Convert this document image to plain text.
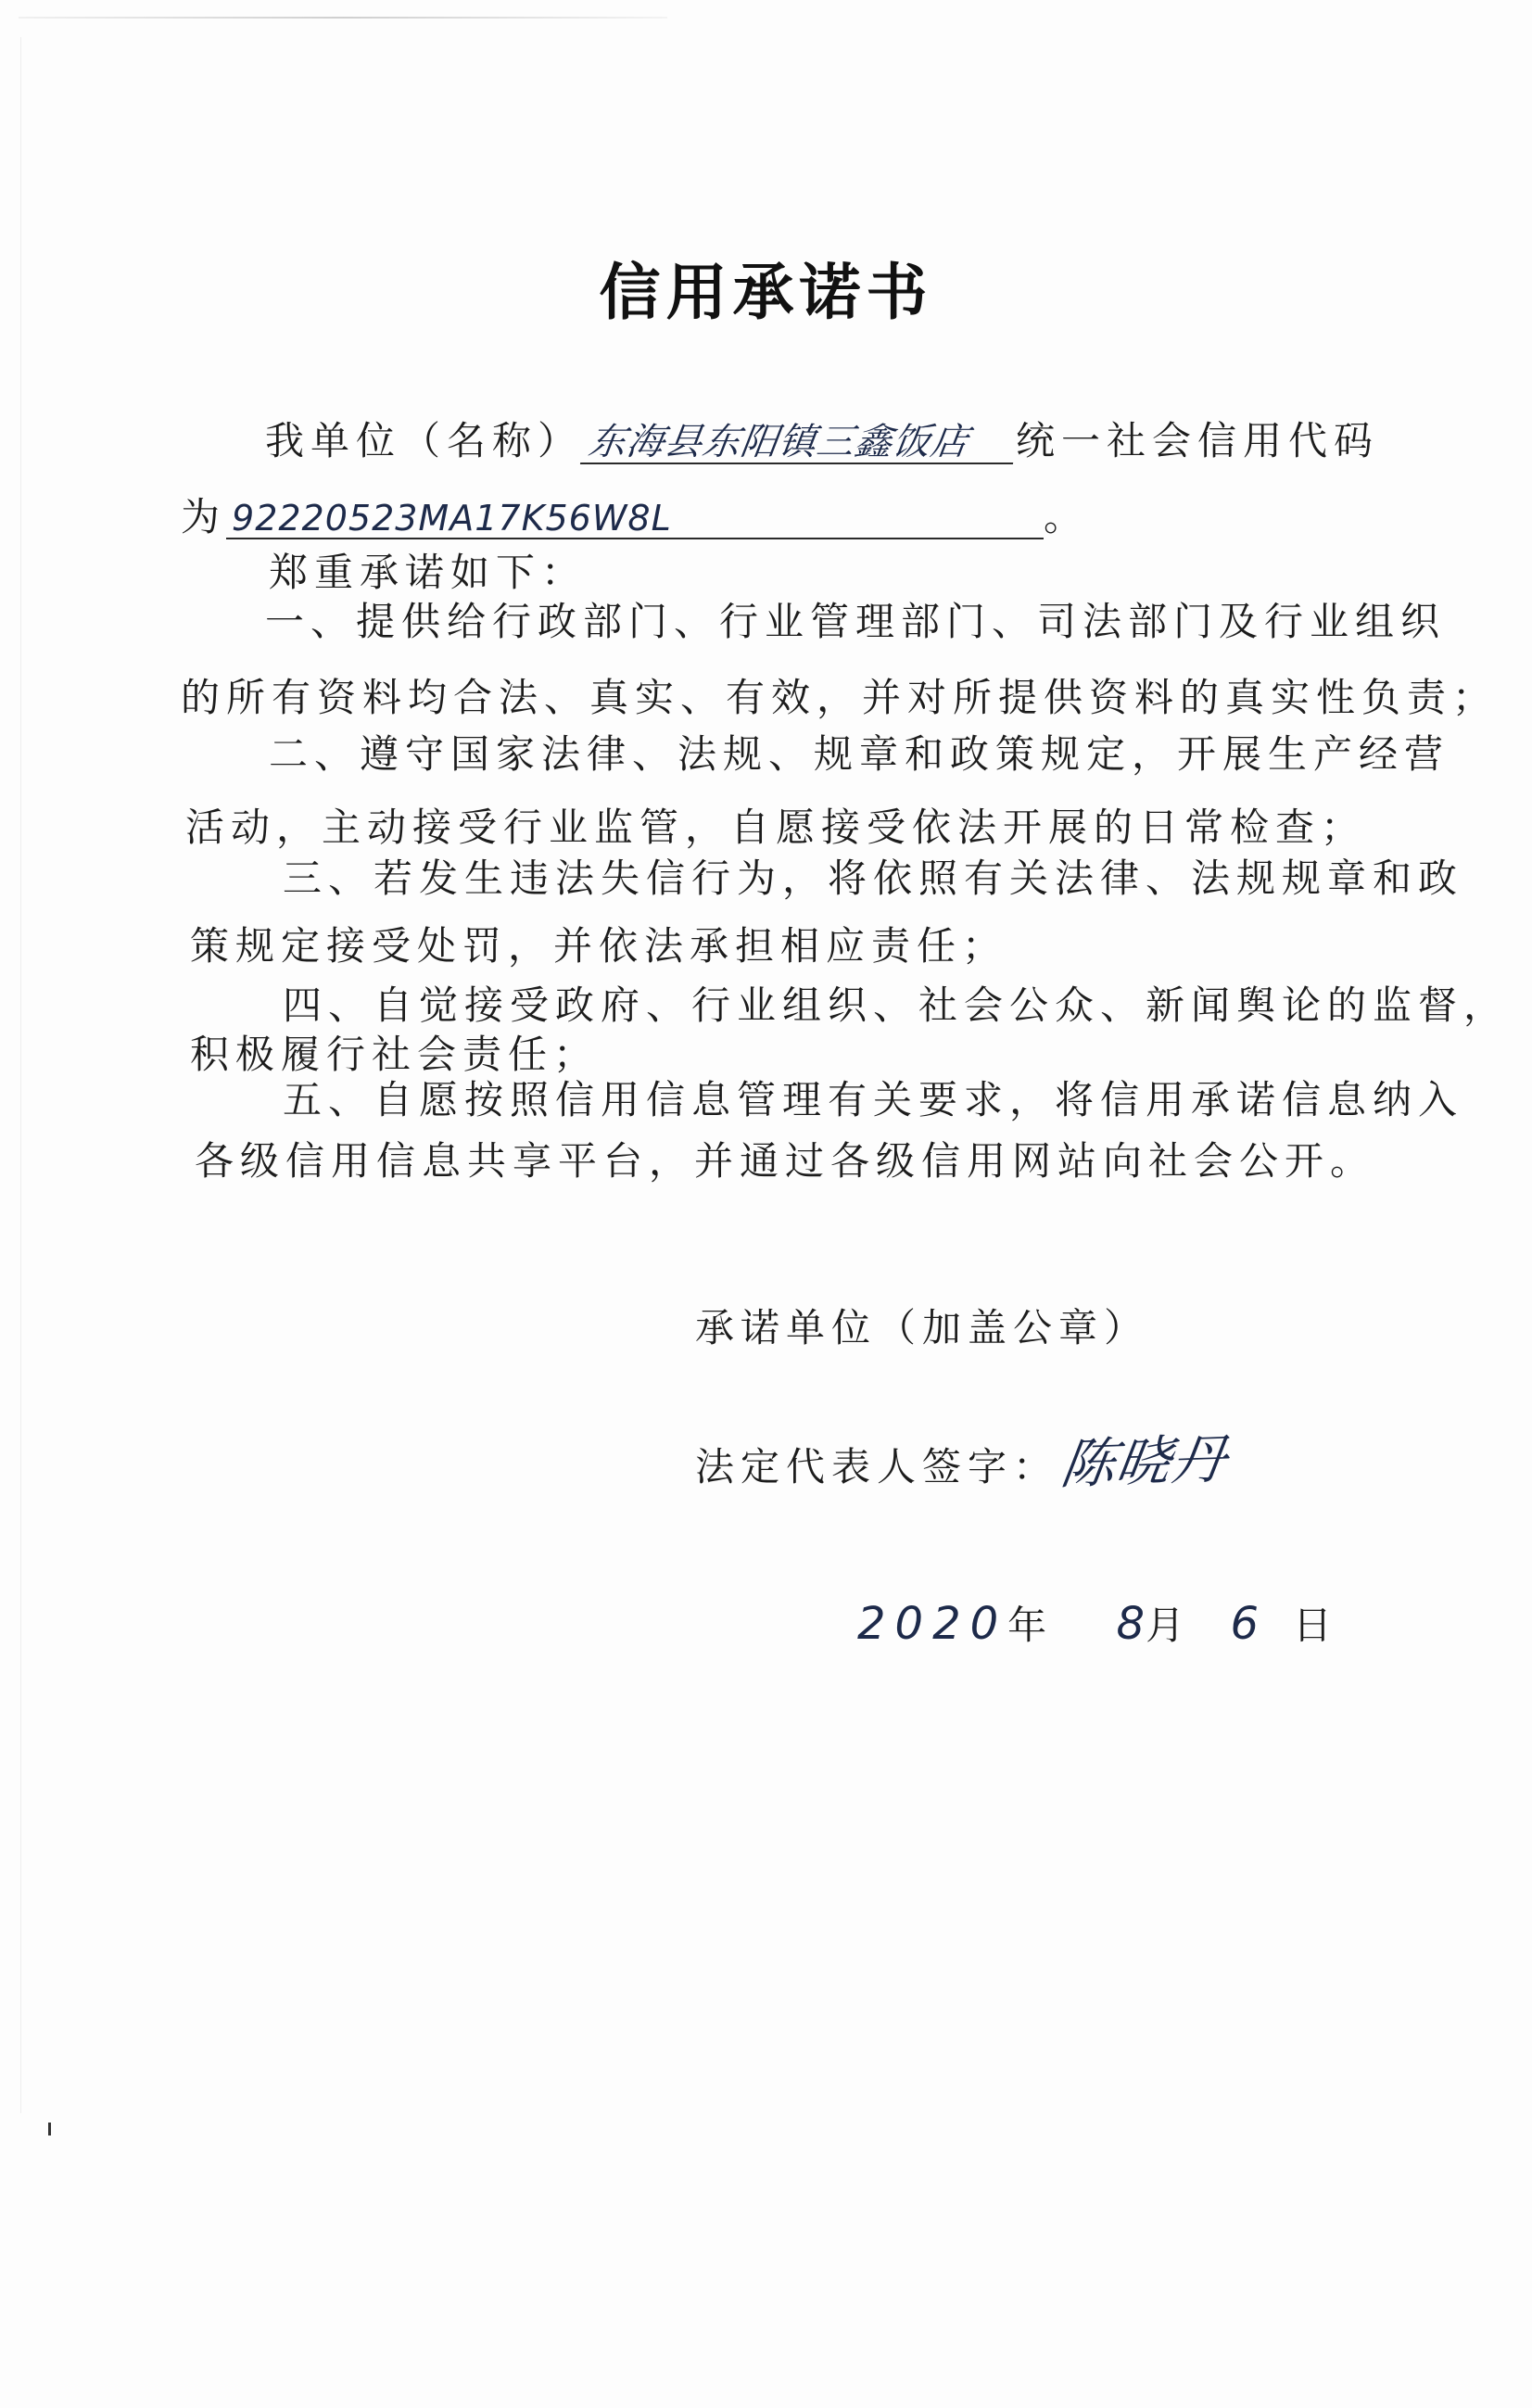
信用承诺书
我单位（名称）东海县东阳镇三鑫饭店 统一社会信用代码
为 92220523MA17K56W8L	。
郑重承诺如下：
一、提供给行政部门、行业管理部门、司法部门及行业组织
的所有资料均合法、真实、有效，并对所提供资料的真实性负责；
二、遵守国家法律、法规、规章和政策规定，开展生产经营
活动，主动接受行业监管，自愿接受依法开展的日常检查；
三、若发生违法失信行为，将依照有关法律、法规规章和政
策规定接受处罚，并依法承担相应责任；
四、自觉接受政府、行业组织、社会公众、新闻舆论的监督，
积极履行社会责任；
五、自愿按照信用信息管理有关要求，将信用承诺信息纳入
各级信用信息共享平台，并通过各级信用网站向社会公开。
承诺单位（加盖公章）
法定代表人签字：陈晓丹
2020年 8月 6 日
